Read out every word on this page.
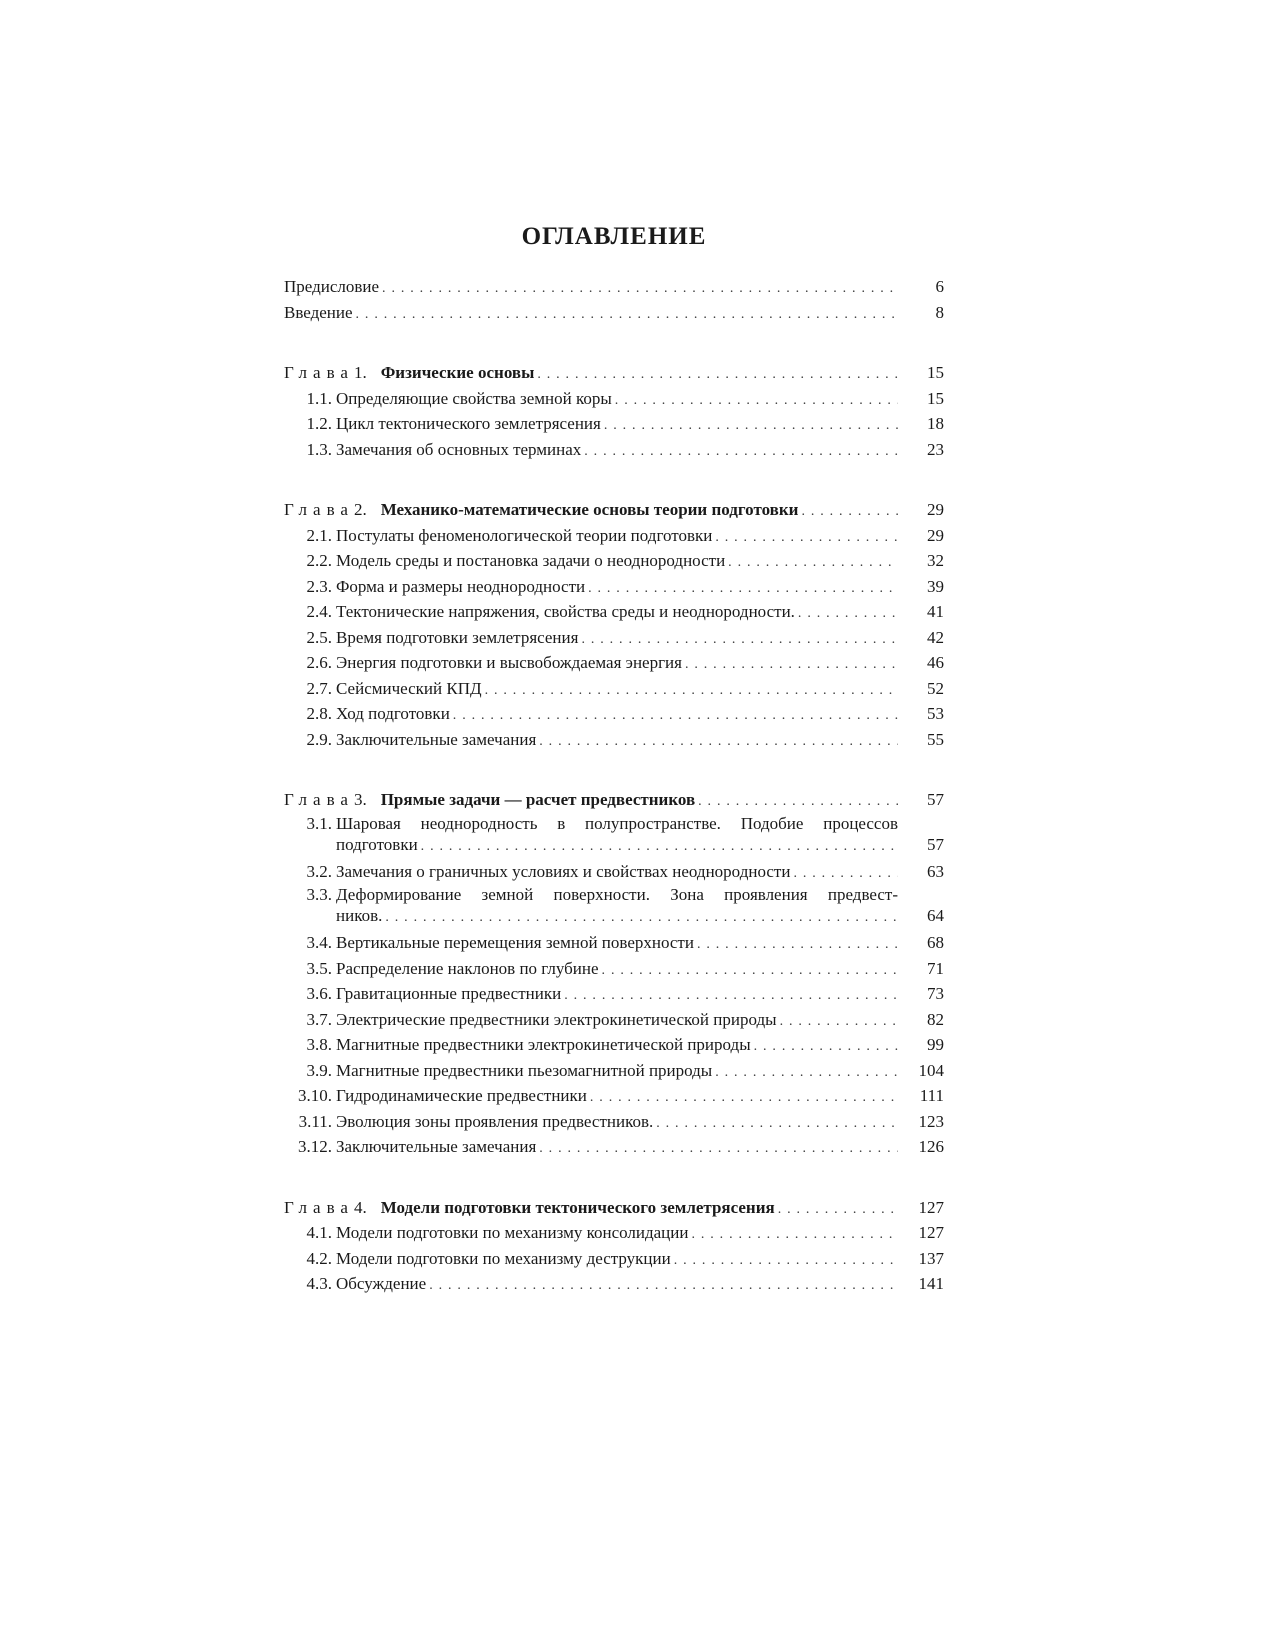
ОГЛАВЛЕНИЕ
Предисловие . . .	6
Введение . . .	8
Глава 1. Физические основы . . .	15
1.1. Определяющие свойства земной коры . . .	15
1.2. Цикл тектонического землетрясения . . .	18
1.3. Замечания об основных терминах . . .	23
Глава 2. Механико-математические основы теории подготовки . . .	29
2.1. Постулаты феноменологической теории подготовки . . .	29
2.2. Модель среды и постановка задачи о неоднородности . . .	32
2.3. Форма и размеры неоднородности . . .	39
2.4. Тектонические напряжения, свойства среды и неоднородности. . . .	41
2.5. Время подготовки землетрясения . . .	42
2.6. Энергия подготовки и высвобождаемая энергия . . .	46
2.7. Сейсмический КПД . . .	52
2.8. Ход подготовки . . .	53
2.9. Заключительные замечания . . .	55
Глава 3. Прямые задачи — расчет предвестников . . .	57
3.1. Шаровая неоднородность в полупространстве. Подобие процессов
подготовки . . .	57
3.2. Замечания о граничных условиях и свойствах неоднородности . . .	63
3.3. Деформирование земной поверхности. Зона проявления предвест-
ников. . . .	64
3.4. Вертикальные перемещения земной поверхности . . .	68
3.5. Распределение наклонов по глубине . . .	71
3.6. Гравитационные предвестники . . .	73
3.7. Электрические предвестники электрокинетической природы . . .	82
3.8. Магнитные предвестники электрокинетической природы . . .	99
3.9. Магнитные предвестники пьезомагнитной природы . . .	104
3.10. Гидродинамические предвестники . . .	111
3.11. Эволюция зоны проявления предвестников. . . .	123
3.12. Заключительные замечания . . .	126
Глава 4. Модели подготовки тектонического землетрясения . . .	127
4.1. Модели подготовки по механизму консолидации . . .	127
4.2. Модели подготовки по механизму деструкции . . .	137
4.3. Обсуждение . . .	141
